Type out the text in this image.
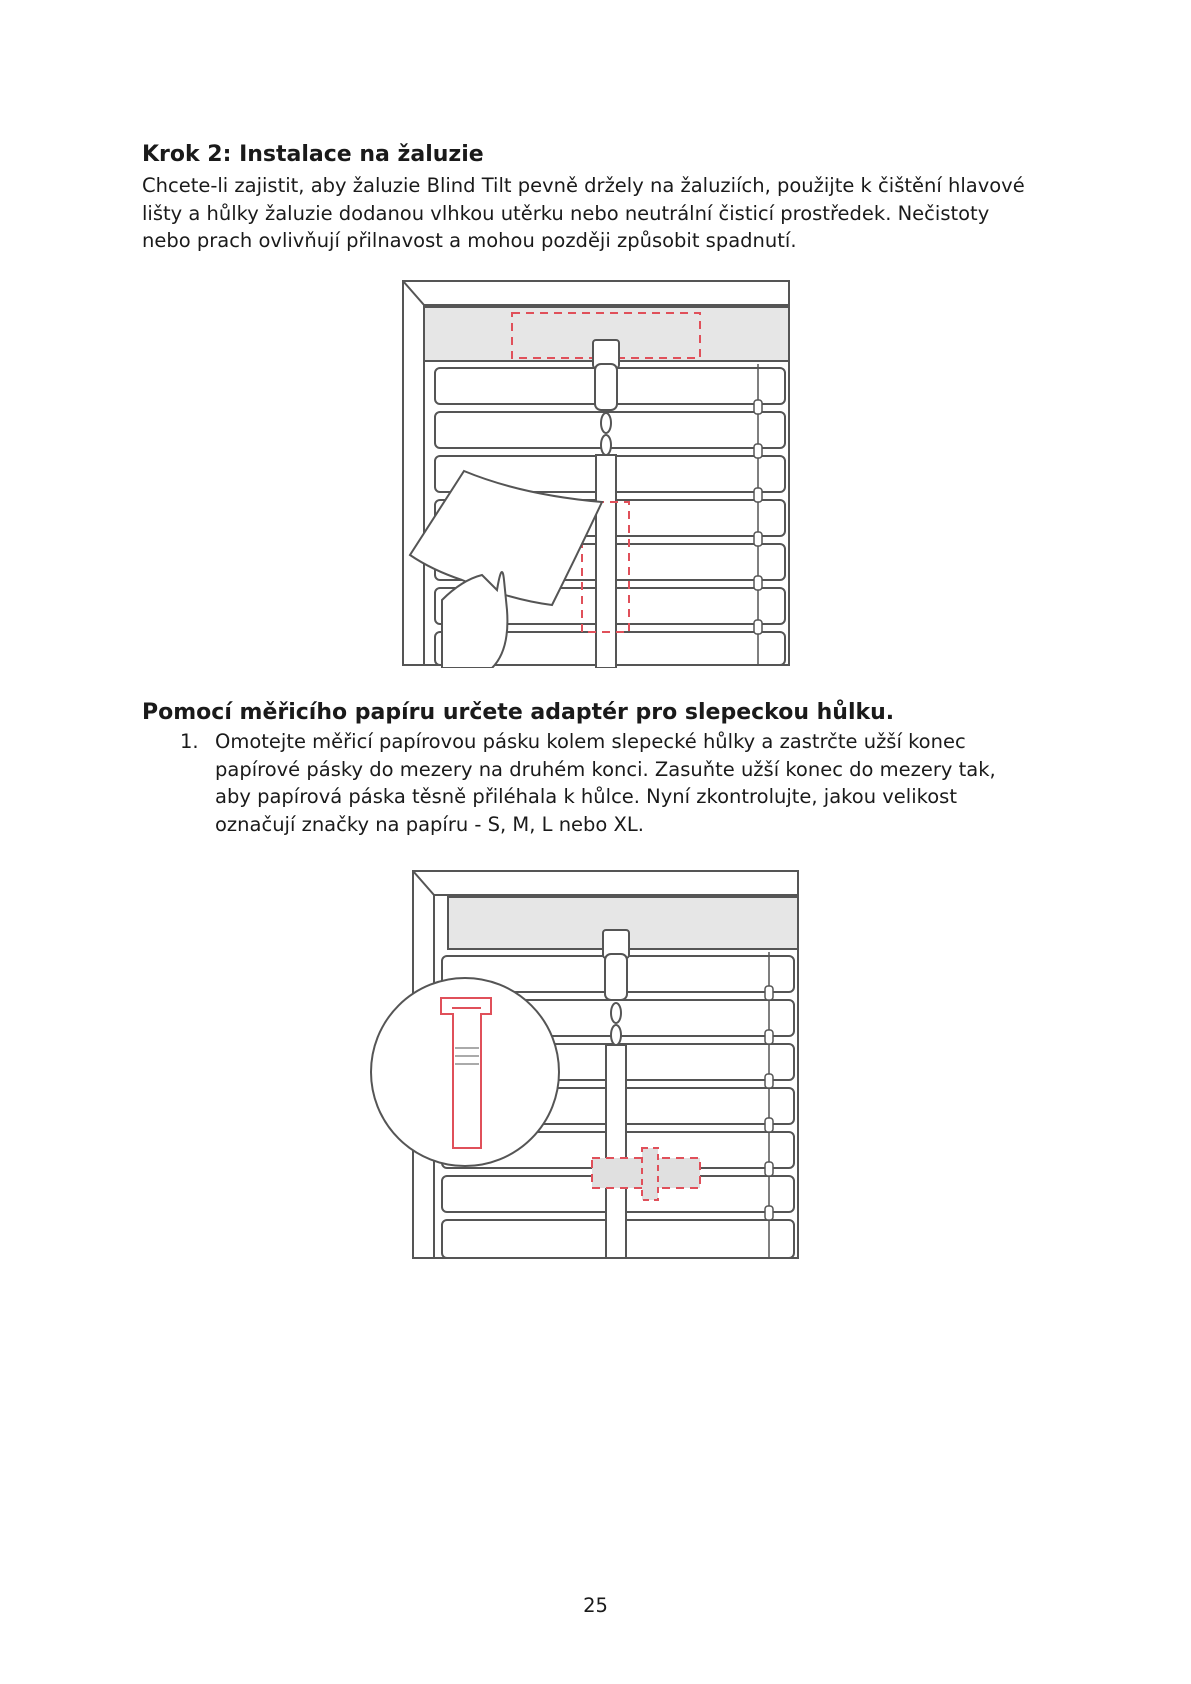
Krok 2: Instalace na žaluzie
Chcete-li zajistit, aby žaluzie Blind Tilt pevně držely na žaluziích, použijte k čištění hlavové
lišty a hůlky žaluzie dodanou vlhkou utěrku nebo neutrální čisticí prostředek. Nečistoty
nebo prach ovlivňují přilnavost a mohou později způsobit spadnutí.
Pomocí měřicího papíru určete adaptér pro slepeckou hůlku.
1. Omotejte měřicí papírovou pásku kolem slepecké hůlky a zastrčte užší konec
papírové pásky do mezery na druhém konci. Zasuňte užší konec do mezery tak,
aby papírová páska těsně přiléhala k hůlce. Nyní zkontrolujte, jakou velikost
označují značky na papíru - S, M, L nebo XL.
25
